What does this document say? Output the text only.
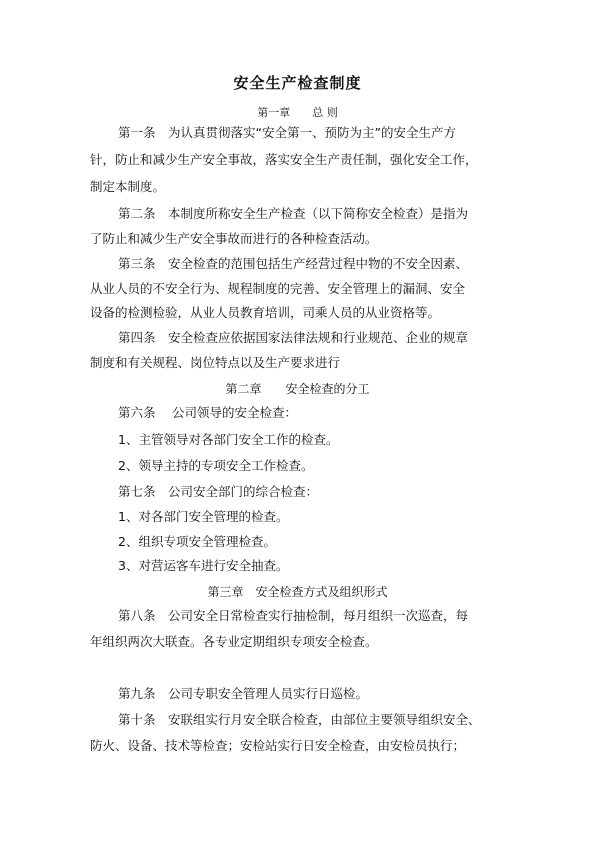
安全生产检查制度
第一章　　总 则
第一条　为认真贯彻落实“安全第一、预防为主”的安全生产方
针，防止和减少生产安全事故，落实安全生产责任制，强化安全工作，
制定本制度。
第二条　本制度所称安全生产检查（以下简称安全检查）是指为
了防止和减少生产安全事故而进行的各种检查活动。
第三条　安全检查的范围包括生产经营过程中物的不安全因素、
从业人员的不安全行为、规程制度的完善、安全管理上的漏洞、安全
设备的检测检验，从业人员教育培训，司乘人员的从业资格等。
第四条　安全检查应依据国家法律法规和行业规范、企业的规章
制度和有关规程、岗位特点以及生产要求进行
第二章　　安全检查的分工
第六条　 公司领导的安全检查：
1、主管领导对各部门安全工作的检查。
2、领导主持的专项安全工作检查。
第七条　公司安全部门的综合检查：
1、对各部门安全管理的检查。
2、组织专项安全管理检查。
3、对营运客车进行安全抽查。
第三章　安全检查方式及组织形式
第八条　公司安全日常检查实行抽检制，每月组织一次巡查，每
年组织两次大联查。各专业定期组织专项安全检查。
第九条　公司专职安全管理人员实行日巡检。
第十条　安联组实行月安全联合检查，由部位主要领导组织安全、
防火、设备、技术等检查；安检站实行日安全检查，由安检员执行；
